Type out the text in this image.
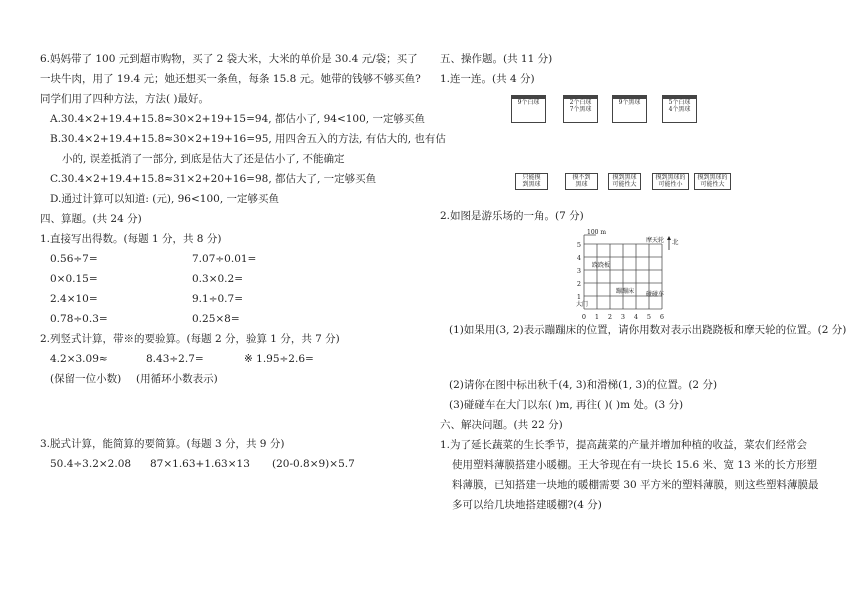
6.妈妈带了 100 元到超市购物，买了 2 袋大米，大米的单价是 30.4 元/袋；买了
一块牛肉，用了 19.4 元；她还想买一条鱼，每条 15.8 元。她带的钱够不够买鱼?
同学们用了四种方法，方法( )最好。
A.30.4×2+19.4+15.8≈30×2+19+15=94, 都估小了, 94<100, 一定够买鱼
B.30.4×2+19.4+15.8≈30×2+19+16=95, 用四舍五入的方法, 有估大的, 也有估
小的, 误差抵消了一部分, 到底是估大了还是估小了, 不能确定
C.30.4×2+19.4+15.8≈31×2+20+16=98, 都估大了, 一定够买鱼
D.通过计算可以知道: (元), 96<100, 一定够买鱼
四、算题。(共 24 分)
1.直接写出得数。(每题 1 分，共 8 分)
0.56÷7=	7.07÷0.01=
0×0.15=	0.3×0.2=
2.4×10=	9.1÷0.7=
0.78÷0.3=	0.25×8=
2.列竖式计算，带※的要验算。(每题 2 分，验算 1 分，共 7 分)
4.2×3.09≈	8.43÷2.7=	※ 1.95÷2.6=
(保留一位小数) (用循环小数表示)
3.脱式计算，能简算的要简算。(每题 3 分，共 9 分)
50.4÷3.2×2.08 87×1.63+1.63×13 (20-0.8×9)×5.7
五、操作题。(共 11 分)
1.连一连。(共 4 分)
9个白球	2个白球
7个黑球
9个黑球	5个白球
4个黑球
只能摸
到黑球
摸不到
黑球
摸到黑球
可能性大
摸到黑球的
可能性小
摸到黑球的
可能性大
2.如图是游乐场的一角。(7 分)
100 m
北
0 1 2 3 4 5 6
1
2
3
4
5
摩天轮
跷跷板
蹦蹦床 碰碰车
大门
(1)如果用(3, 2)表示蹦蹦床的位置，请你用数对表示出跷跷板和摩天轮的位置。(2 分)
(2)请你在图中标出秋千(4, 3)和滑梯(1, 3)的位置。(2 分)
(3)碰碰车在大门以东( )m, 再往( )( )m 处。(3 分)
六、解决问题。(共 22 分)
1.为了延长蔬菜的生长季节，提高蔬菜的产量并增加种植的收益，菜农们经常会
使用塑料薄膜搭建小暖棚。王大爷现在有一块长 15.6 米、宽 13 米的长方形塑
料薄膜，已知搭建一块地的暖棚需要 30 平方米的塑料薄膜，则这些塑料薄膜最
多可以给几块地搭建暖棚?(4 分)
